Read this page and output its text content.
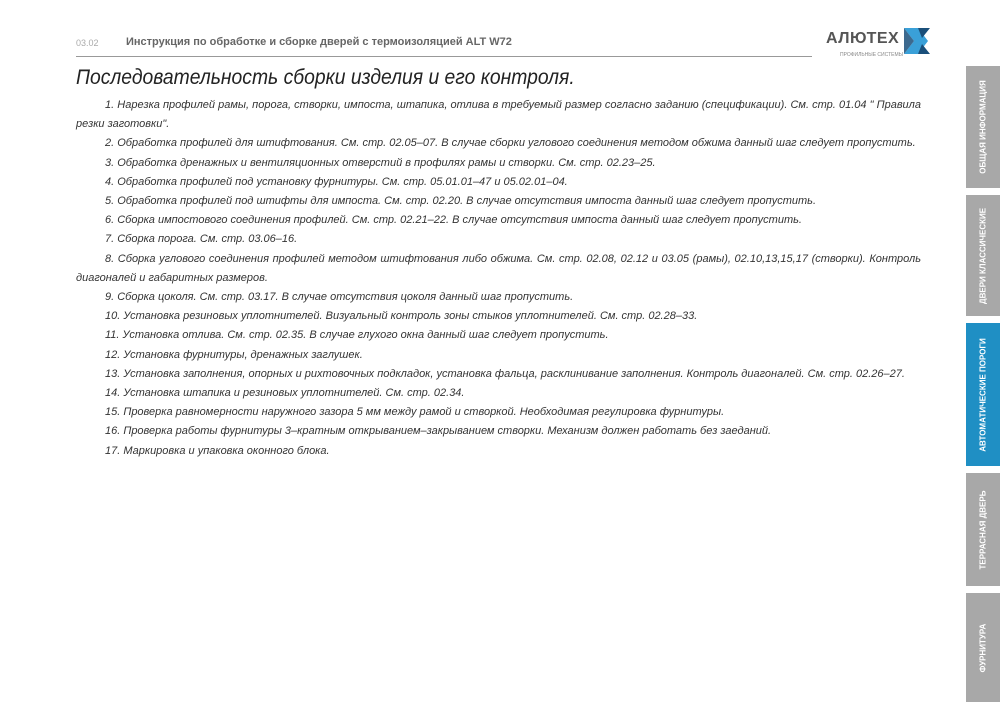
03.02 Инструкция по обработке и сборке дверей с термоизоляцией ALT W72	АЛЮТЕХ
ПРОФИЛЬНЫЕ СИСТЕМЫ
Последовательность сборки изделия и его контроля.

1. Нарезка профилей рамы, порога, створки, импоста, штапика, отлива в требуемый размер согласно заданию (спецификации). См. стр. 01.04 " Правила резки заготовки".

2. Обработка профилей для штифтования. См. стр. 02.05–07. В случае сборки углового соединения методом обжима данный шаг следует пропустить.

3. Обработка дренажных и вентиляционных отверстий в профилях рамы и створки. См. стр. 02.23–25.

4. Обработка профилей под установку фурнитуры. См. стр. 05.01.01–47 и 05.02.01–04.

5. Обработка профилей под штифты для импоста. См. стр. 02.20. В случае отсутствия импоста данный шаг следует пропустить.

6. Сборка импостового соединения профилей. См. стр. 02.21–22. В случае отсутствия импоста данный шаг следует пропустить.

7. Сборка порога. См. стр. 03.06–16.

8. Сборка углового соединения профилей методом штифтования либо обжима. См. стр. 02.08, 02.12 и 03.05 (рамы), 02.10,13,15,17 (створки). Контроль диагоналей и габаритных размеров.

9. Сборка цоколя. См. стр. 03.17. В случае отсутствия цоколя данный шаг пропустить.

10. Установка резиновых уплотнителей. Визуальный контроль зоны стыков уплотнителей. См. стр. 02.28–33.

11. Установка отлива. См. стр. 02.35. В случае глухого окна данный шаг следует пропустить.

12. Установка фурнитуры, дренажных заглушек.

13. Установка заполнения, опорных и рихтовочных подкладок, установка фальца, расклинивание заполнения. Контроль диагоналей. См. стр. 02.26–27.

14. Установка штапика и резиновых уплотнителей. См. стр. 02.34.

15. Проверка равномерности наружного зазора 5 мм между рамой и створкой. Необходимая регулировка фурнитуры.

16. Проверка работы фурнитуры 3–кратным открыванием–закрыванием створки. Механизм должен работать без заеданий.

17. Маркировка и упаковка оконного блока.

ОБЩАЯ ИНФОРМАЦИЯ
ДВЕРИ КЛАССИЧЕСКИЕ
АВТОМАТИЧЕСКИЕ ПОРОГИ
ТЕРРАСНАЯ ДВЕРЬ
ФУРНИТУРА
